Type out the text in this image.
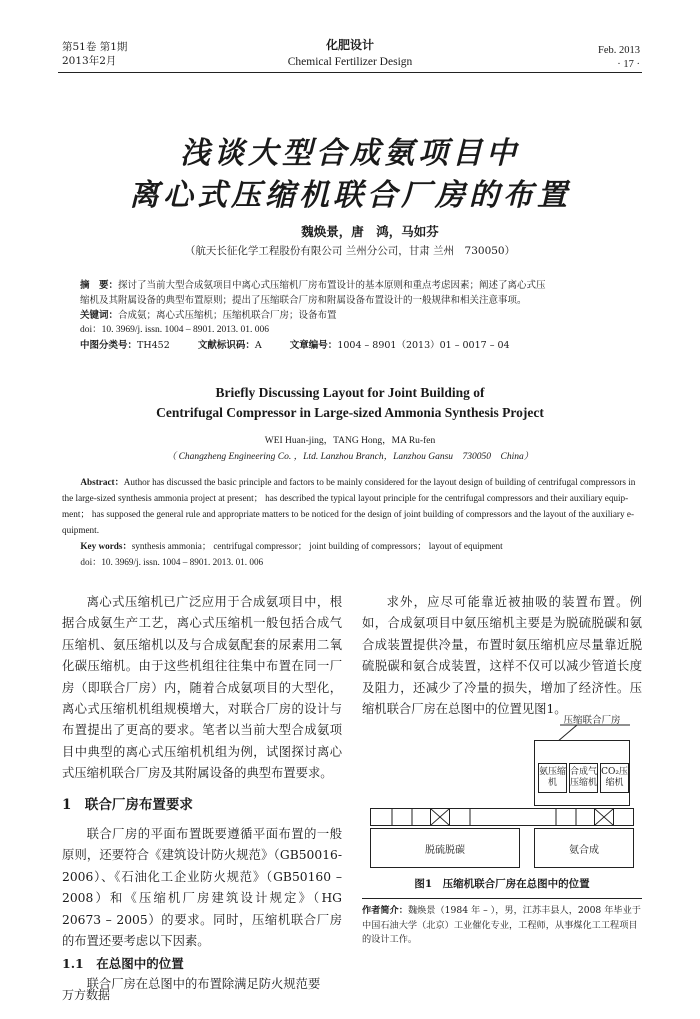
第51卷 第1期
2013年2月
化肥设计
Chemical Fertilizer Design
Feb. 2013
· 17 ·
浅谈大型合成氨项目中
离心式压缩机联合厂房的布置
魏焕景，唐　鸿，马如芬
（航天长征化学工程股份有限公司 兰州分公司，甘肃 兰州　730050）
摘　要：探讨了当前大型合成氨项目中离心式压缩机厂房布置设计的基本原则和重点考虑因素；阐述了离心式压
缩机及其附属设备的典型布置原则；提出了压缩联合厂房和附属设备布置设计的一般规律和相关注意事项。
关键词：合成氨；离心式压缩机；压缩机联合厂房；设备布置
doi：10. 3969/j. issn. 1004 – 8901. 2013. 01. 006
中图分类号：TH452	文献标识码：A	文章编号：1004 – 8901（2013）01 – 0017 – 04
Briefly Discussing Layout for Joint Building of
Centrifugal Compressor in Large-sized Ammonia Synthesis Project
WEI Huan-jing，TANG Hong，MA Ru-fen
（ Changzheng Engineering Co. ，Ltd. Lanzhou Branch，Lanzhou Gansu　730050　China）
Abstract：Author has discussed the basic principle and factors to be mainly considered for the layout design of building of centrifugal compressors in
the large-sized synthesis ammonia project at present； has described the typical layout principle for the centrifugal compressors and their auxiliary equip-
ment； has supposed the general rule and appropriate matters to be noticed for the design of joint building of compressors and the layout of the auxiliary e-
quipment.
Key words：synthesis ammonia； centrifugal compressor； joint building of compressors； layout of equipment
doi：10. 3969/j. issn. 1004 – 8901. 2013. 01. 006

离心式压缩机已广泛应用于合成氨项目中，根据合成氨生产工艺，离心式压缩机一般包括合成气压缩机、氨压缩机以及与合成氨配套的尿素用二氧化碳压缩机。由于这些机组往往集中布置在同一厂房（即联合厂房）内，随着合成氨项目的大型化，离心式压缩机机组规模增大，对联合厂房的设计与布置提出了更高的要求。笔者以当前大型合成氨项目中典型的离心式压缩机机组为例，试图探讨离心式压缩机联合厂房及其附属设备的典型布置要求。

1　联合厂房布置要求

联合厂房的平面布置既要遵循平面布置的一般原则，还要符合《建筑设计防火规范》（GB50016-2006）、《石油化工企业防火规范》（GB50160 – 2008）和《压缩机厂房建筑设计规定》（HG 20673 – 2005）的要求。同时，压缩机联合厂房的布置还要考虑以下因素。

1.1　在总图中的位置

联合厂房在总图中的布置除满足防火规范要

求外，应尽可能靠近被抽吸的装置布置。例如，合成氨项目中氨压缩机主要是为脱硫脱碳和氨合成装置提供冷量，布置时氨压缩机应尽量靠近脱硫脱碳和氨合成装置，这样不仅可以减少管道长度及阻力，还减少了冷量的损失，增加了经济性。压缩机联合厂房在总图中的位置见图1。

压缩联合厂房
氨压缩机
合成气压缩机
CO₂压缩机
脱硫脱碳	氨合成
图1　压缩机联合厂房在总图中的位置
作者简介：魏焕景（1984 年 – ），男，江苏丰县人，2008 年毕业于中国石油大学（北京）工业催化专业，工程师，从事煤化工工程项目的设计工作。
万方数据
